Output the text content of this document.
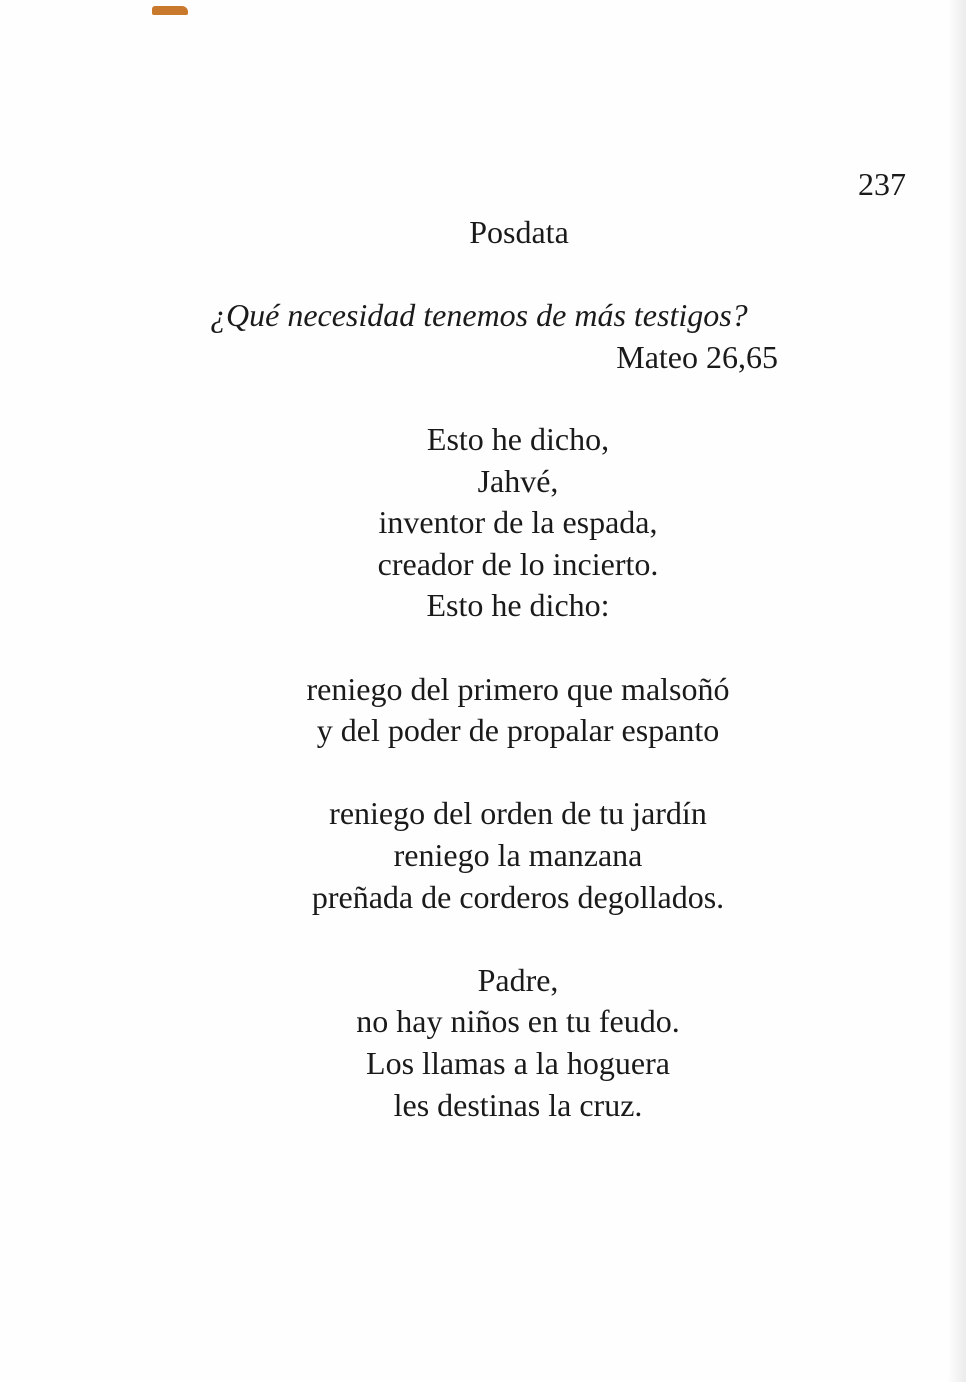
237
Posdata

¿Qué necesidad tenemos de más testigos?

Mateo 26,65

Esto he dicho,
Jahvé,
inventor de la espada,
creador de lo incierto.
Esto he dicho:
reniego del primero que malsoñó
y del poder de propalar espanto
reniego del orden de tu jardín
reniego la manzana
preñada de corderos degollados.
Padre,
no hay niños en tu feudo.
Los llamas a la hoguera
les destinas la cruz.
